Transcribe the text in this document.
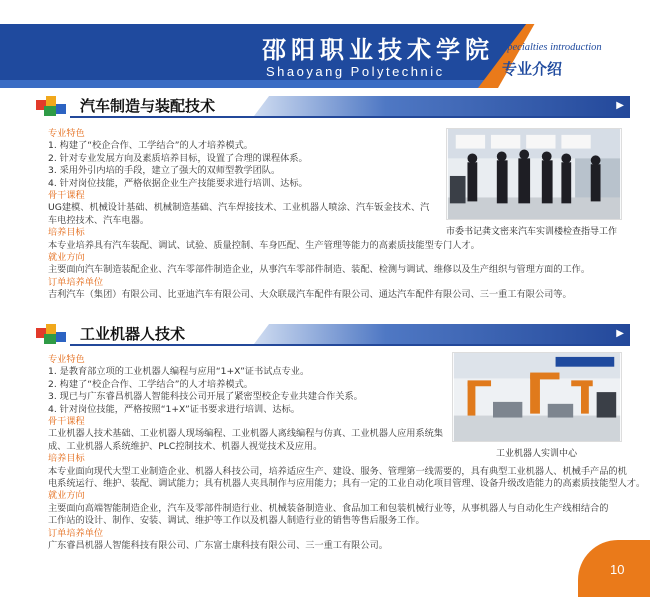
邵阳职业技术学院
Shaoyang Polytechnic
Specialties introduction
专业介绍
汽车制造与装配技术	▶

专业特色

1. 构建了“校企合作、工学结合”的人才培养模式。

2. 针对专业发展方向及素质培养目标，设置了合理的课程体系。

3. 采用外引内培的手段，建立了强大的双师型教学团队。

4. 针对岗位技能，严格依据企业生产技能要求进行培训、达标。

骨干课程

UG建模、机械设计基础、机械制造基础、汽车焊接技术、工业机器人喷涂、汽车钣金技术、汽

车电控技术、汽车电器。

培养目标

本专业培养具有汽车装配、调试、试验、质量控制、车身匹配、生产管理等能力的高素质技能型专门人才。

就业方向

主要面向汽车制造装配企业、汽车零部件制造企业，从事汽车零部件制造、装配、检测与调试、维修以及生产组织与管理方面的工作。

订单培养单位

吉利汽车（集团）有限公司、比亚迪汽车有限公司、大众联晟汽车配件有限公司、通达汽车配件有限公司、三一重工有限公司等。

市委书记龚文密来汽车实训楼检查指导工作
工业机器人技术	▶

专业特色

1. 是教育部立项的工业机器人编程与应用“1+X”证书试点专业。

2. 构建了“校企合作、工学结合”的人才培养模式。

3. 现已与广东睿昌机器人智能科技公司开展了紧密型校企专业共建合作关系。

4. 针对岗位技能，严格按照“1+X”证书要求进行培训、达标。

骨干课程

工业机器人技术基础、工业机器人现场编程、工业机器人离线编程与仿真、工业机器人应用系统集

成、工业机器人系统维护、PLC控制技术、机器人视觉技术及应用。

培养目标

本专业面向现代大型工业制造企业、机器人科技公司，培养适应生产、建设、服务、管理第一线需要的，具有典型工业机器人、机械手产品的机

电系统运行、维护、装配、调试能力；具有机器人夹具制作与应用能力；具有一定的工业自动化项目管理、设备升级改造能力的高素质技能型人才。

就业方向

主要面向高端智能制造企业，汽车及零部件制造行业、机械装备制造业、食品加工和包装机械行业等，从事机器人与自动化生产线相结合的

工作站的设计、制作、安装、调试、维护等工作以及机器人制造行业的销售等售后服务工作。

订单培养单位

广东睿昌机器人智能科技有限公司、广东富士康科技有限公司、三一重工有限公司。

工业机器人实训中心
10
